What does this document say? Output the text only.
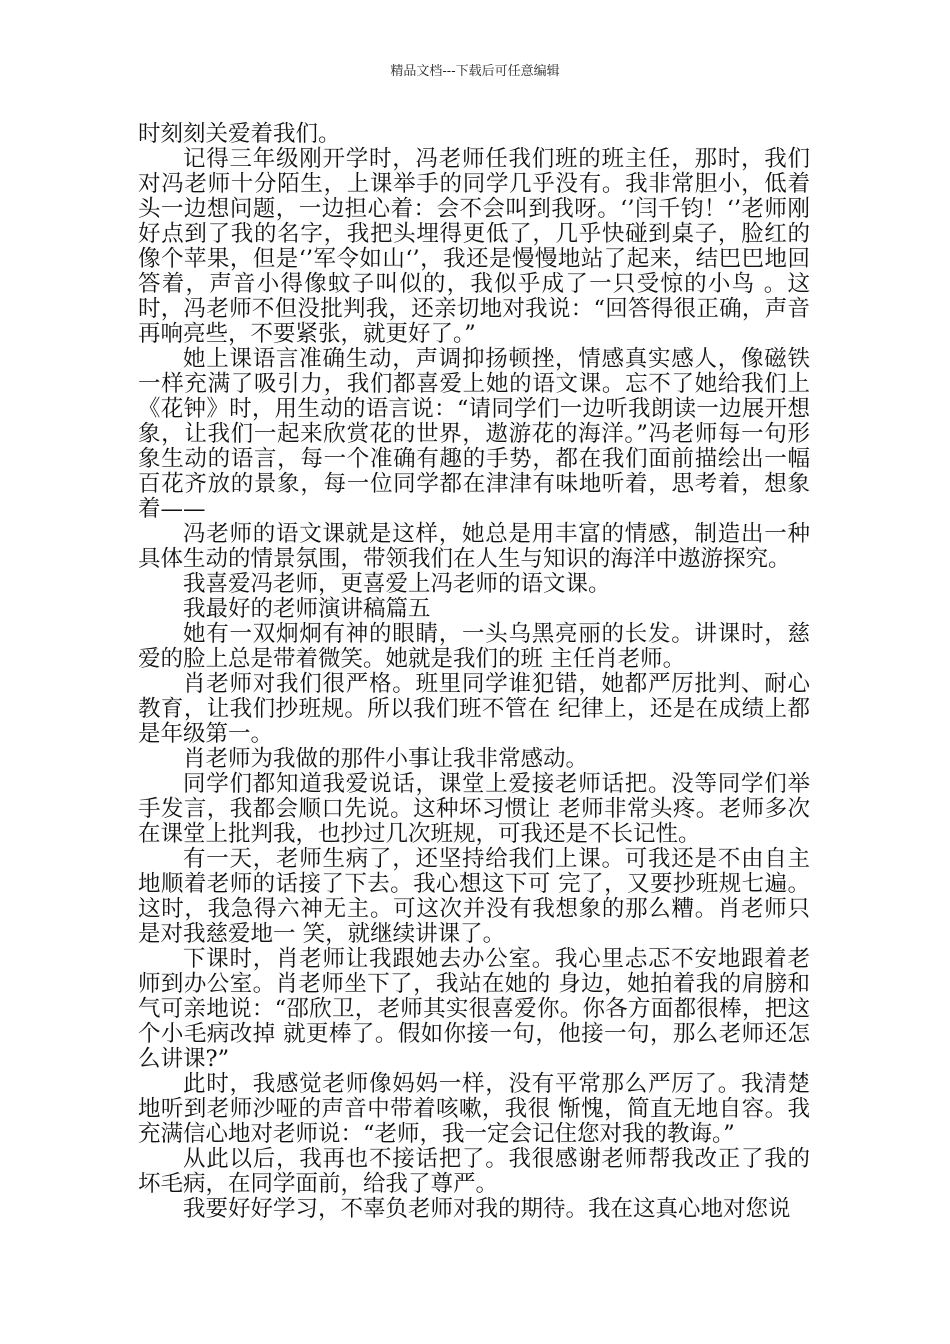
精品文档---下载后可任意编辑

时刻刻关爱着我们。

记得三年级刚开学时，冯老师任我们班的班主任，那时，我们对冯老师十分陌生，上课举手的同学几乎没有。我非常胆小，低着头一边想问题，一边担心着：会不会叫到我呀。‘’闫千钧！‘’老师刚好点到了我的名字，我把头埋得更低了，几乎快碰到桌子，脸红的像个苹果，但是‘’军令如山‘’，我还是慢慢地站了起来，结巴巴地回答着，声音小得像蚊子叫似的，我似乎成了一只受惊的小鸟 。这时，冯老师不但没批判我，还亲切地对我说：“回答得很正确，声音再响亮些，不要紧张，就更好了。”

她上课语言准确生动，声调抑扬顿挫，情感真实感人，像磁铁一样充满了吸引力，我们都喜爱上她的语文课。忘不了她给我们上《花钟》时，用生动的语言说：“请同学们一边听我朗读一边展开想 象，让我们一起来欣赏花的世界，遨游花的海洋。”冯老师每一句形象生动的语言，每一个准确有趣的手势，都在我们面前描绘出一幅百花齐放的景象，每一位同学都在津津有味地听着，思考着，想象 着——

冯老师的语文课就是这样，她总是用丰富的情感，制造出一种具体生动的情景氛围，带领我们在人生与知识的海洋中遨游探究。

我喜爱冯老师，更喜爱上冯老师的语文课。

我最好的老师演讲稿篇五

她有一双炯炯有神的眼睛，一头乌黑亮丽的长发。讲课时，慈爱的脸上总是带着微笑。她就是我们的班 主任肖老师。

肖老师对我们很严格。班里同学谁犯错，她都严厉批判、耐心教育，让我们抄班规。所以我们班不管在 纪律上，还是在成绩上都是年级第一。

肖老师为我做的那件小事让我非常感动。

同学们都知道我爱说话，课堂上爱接老师话把。没等同学们举手发言，我都会顺口先说。这种坏习惯让 老师非常头疼。老师多次在课堂上批判我，也抄过几次班规，可我还是不长记性。

有一天，老师生病了，还坚持给我们上课。可我还是不由自主地顺着老师的话接了下去。我心想这下可 完了，又要抄班规七遍。这时，我急得六神无主。可这次并没有我想象的那么糟。肖老师只是对我慈爱地一 笑，就继续讲课了。

下课时，肖老师让我跟她去办公室。我心里忐忑不安地跟着老师到办公室。肖老师坐下了，我站在她的 身边，她拍着我的肩膀和气可亲地说：“邵欣卫，老师其实很喜爱你。你各方面都很棒，把这个小毛病改掉 就更棒了。假如你接一句，他接一句，那么老师还怎么讲课?”

此时，我感觉老师像妈妈一样，没有平常那么严厉了。我清楚地听到老师沙哑的声音中带着咳嗽，我很 惭愧，简直无地自容。我充满信心地对老师说：“老师，我一定会记住您对我的教诲。”

从此以后，我再也不接话把了。我很感谢老师帮我改正了我的坏毛病，在同学面前，给我了尊严。

我要好好学习，不辜负老师对我的期待。我在这真心地对您说
